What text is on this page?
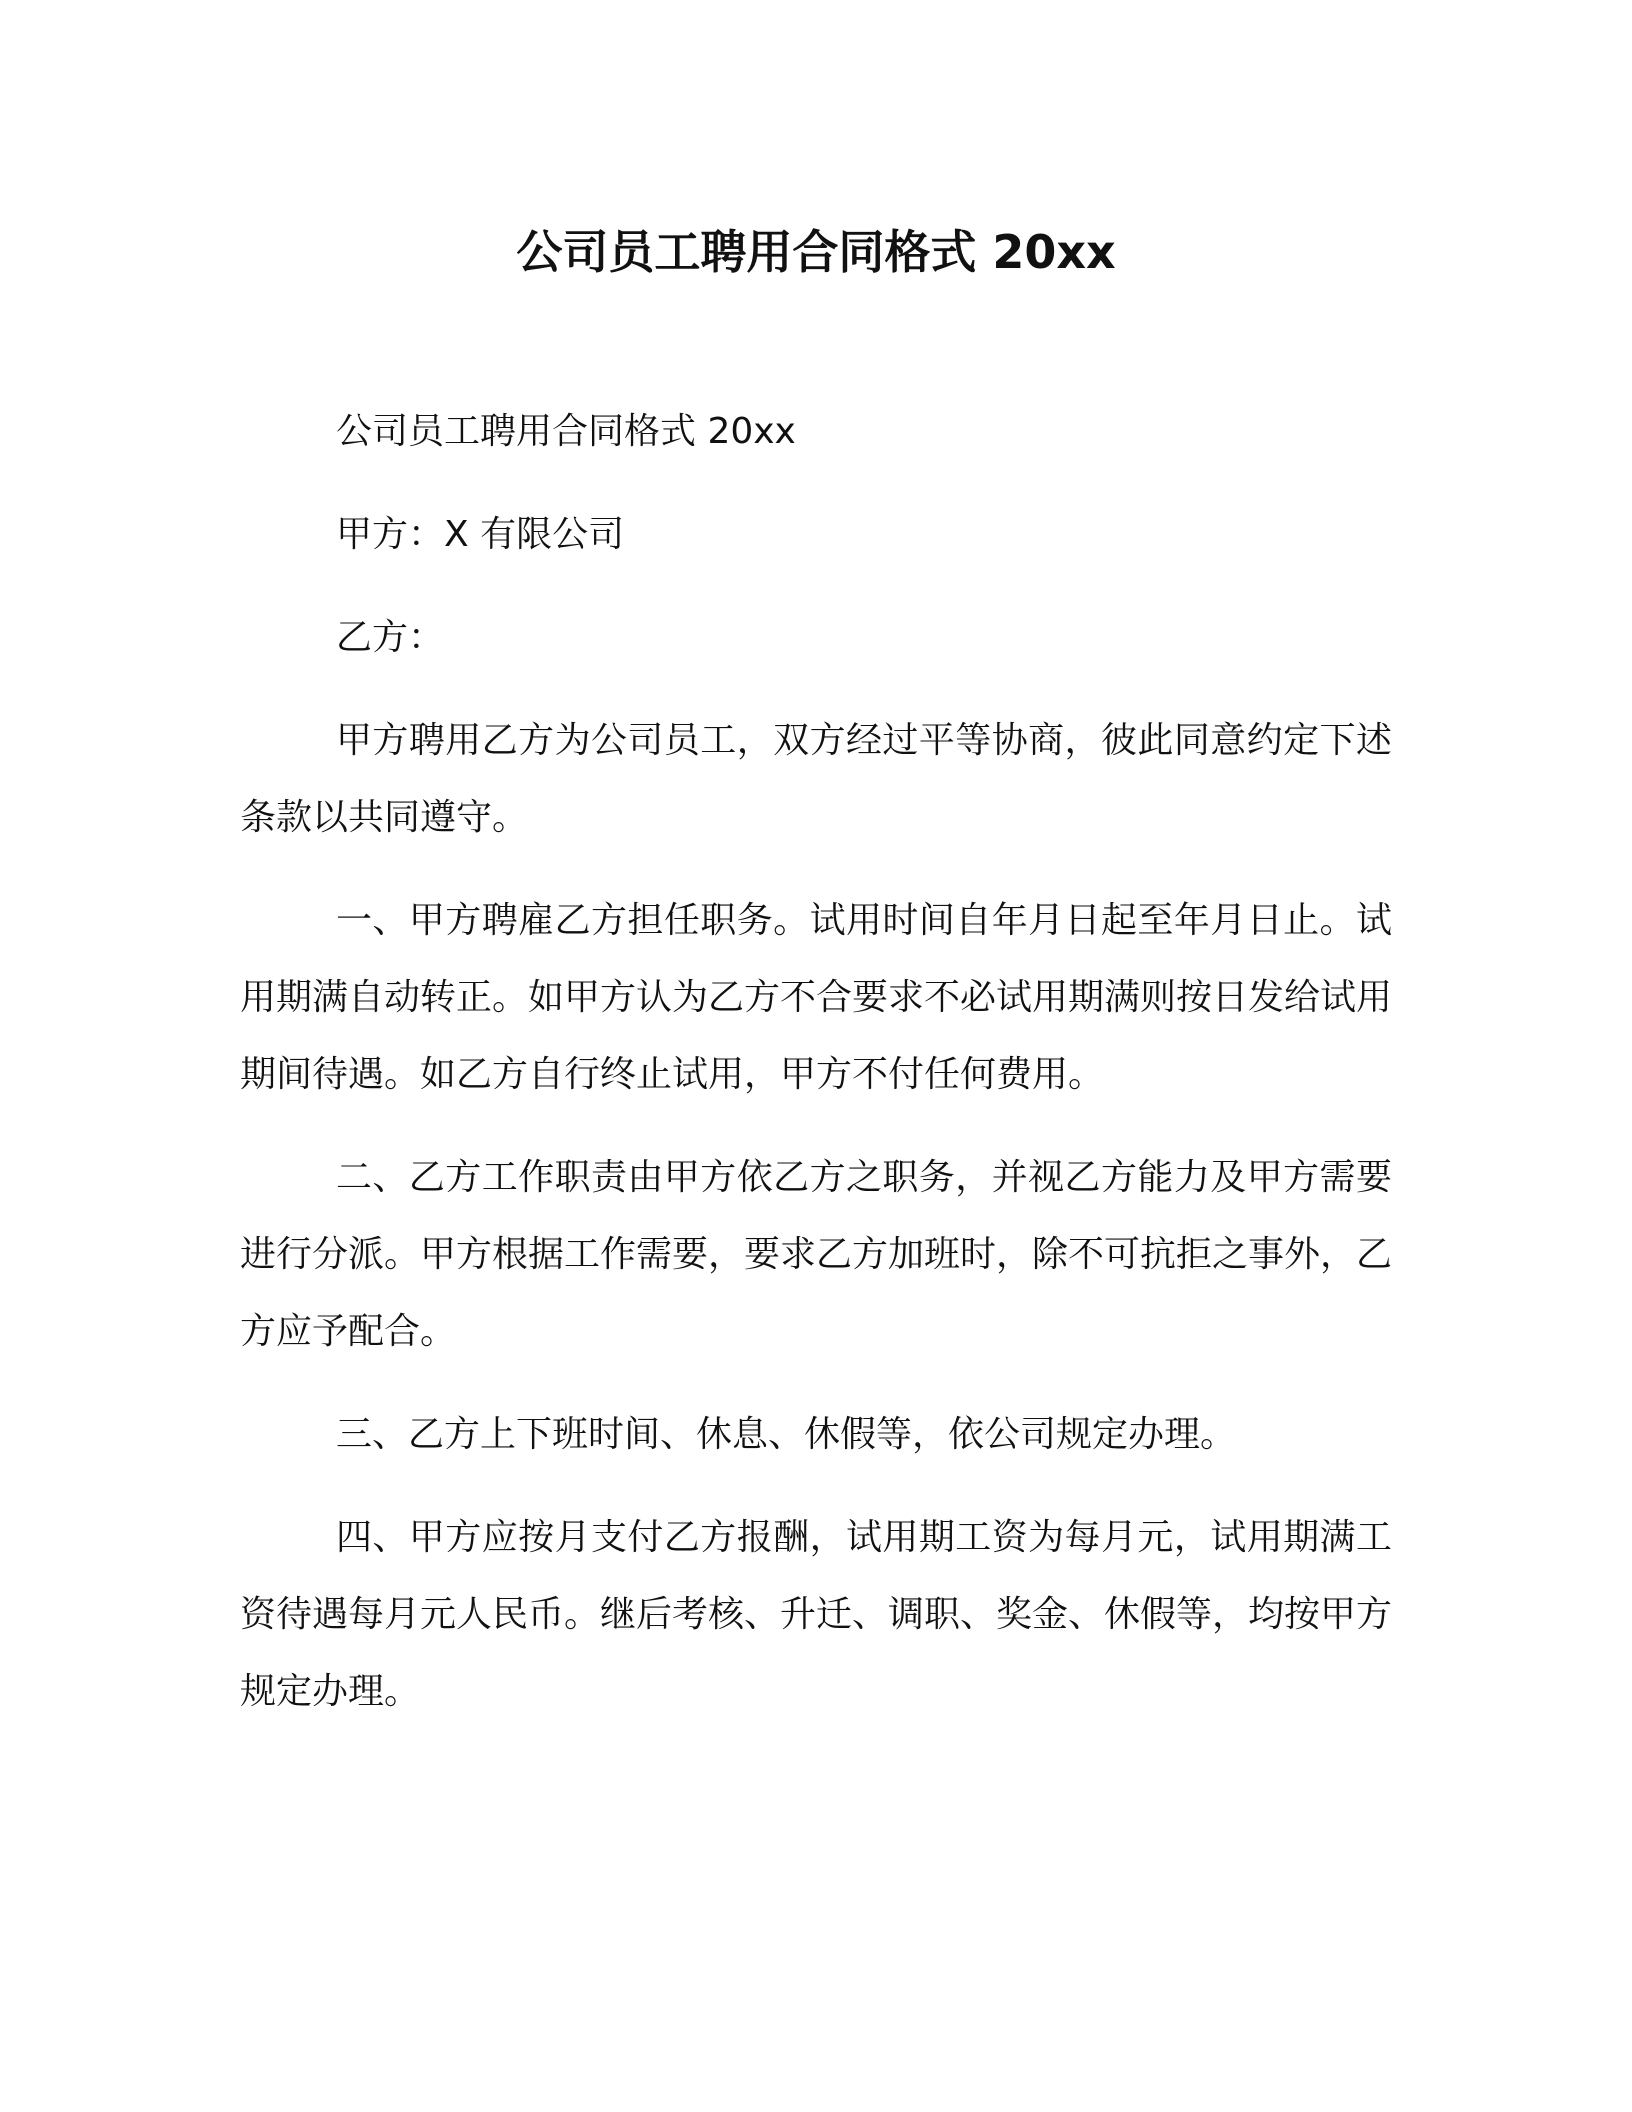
公司员工聘用合同格式 20xx

公司员工聘用合同格式 20xx

甲方：X 有限公司

乙方：

甲方聘用乙方为公司员工，双方经过平等协商，彼此同意约定下述条款以共同遵守。

一、甲方聘雇乙方担任职务。试用时间自年月日起至年月日止。试用期满自动转正。如甲方认为乙方不合要求不必试用期满则按日发给试用期间待遇。如乙方自行终止试用，甲方不付任何费用。

二、乙方工作职责由甲方依乙方之职务，并视乙方能力及甲方需要进行分派。甲方根据工作需要，要求乙方加班时，除不可抗拒之事外，乙方应予配合。

三、乙方上下班时间、休息、休假等，依公司规定办理。

四、甲方应按月支付乙方报酬，试用期工资为每月元，试用期满工资待遇每月元人民币。继后考核、升迁、调职、奖金、休假等，均按甲方规定办理。
